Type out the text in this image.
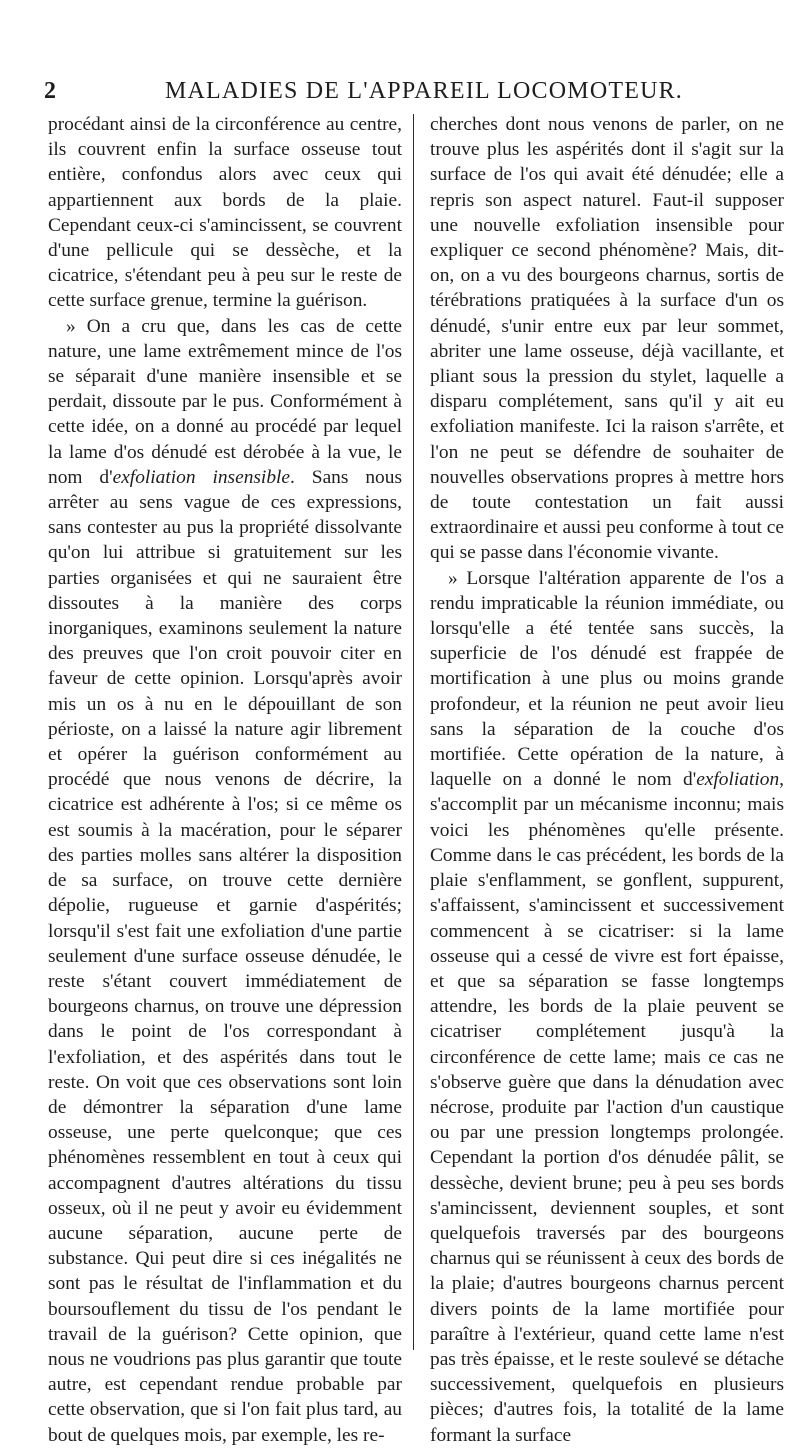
2	MALADIES DE L'APPAREIL LOCOMOTEUR.

procédant ainsi de la circonférence au centre, ils couvrent enfin la surface osseuse tout entière, confondus alors avec ceux qui appartiennent aux bords de la plaie. Cependant ceux-ci s'amincissent, se couvrent d'une pellicule qui se dessèche, et la cicatrice, s'étendant peu à peu sur le reste de cette surface grenue, termine la guérison.

» On a cru que, dans les cas de cette nature, une lame extrêmement mince de l'os se séparait d'une manière insensible et se perdait, dissoute par le pus. Conformément à cette idée, on a donné au procédé par lequel la lame d'os dénudé est dérobée à la vue, le nom d'exfoliation insensible. Sans nous arrêter au sens vague de ces expressions, sans contester au pus la propriété dissolvante qu'on lui attribue si gratuitement sur les parties organisées et qui ne sauraient être dissoutes à la manière des corps inorganiques, examinons seulement la nature des preuves que l'on croit pouvoir citer en faveur de cette opinion. Lorsqu'après avoir mis un os à nu en le dépouillant de son périoste, on a laissé la nature agir librement et opérer la guérison conformément au procédé que nous venons de décrire, la cicatrice est adhérente à l'os; si ce même os est soumis à la macération, pour le séparer des parties molles sans altérer la disposition de sa surface, on trouve cette dernière dépolie, rugueuse et garnie d'aspérités; lorsqu'il s'est fait une exfoliation d'une partie seulement d'une surface osseuse dénudée, le reste s'étant couvert immédiatement de bourgeons charnus, on trouve une dépression dans le point de l'os correspondant à l'exfoliation, et des aspérités dans tout le reste. On voit que ces observations sont loin de démontrer la séparation d'une lame osseuse, une perte quelconque; que ces phénomènes ressemblent en tout à ceux qui accompagnent d'autres altérations du tissu osseux, où il ne peut y avoir eu évidemment aucune séparation, aucune perte de substance. Qui peut dire si ces inégalités ne sont pas le résultat de l'inflammation et du boursouflement du tissu de l'os pendant le travail de la guérison? Cette opinion, que nous ne voudrions pas plus garantir que toute autre, est cependant rendue probable par cette observation, que si l'on fait plus tard, au bout de quelques mois, par exemple, les re-

cherches dont nous venons de parler, on ne trouve plus les aspérités dont il s'agit sur la surface de l'os qui avait été dénudée; elle a repris son aspect naturel. Faut-il supposer une nouvelle exfoliation insensible pour expliquer ce second phénomène? Mais, dit-on, on a vu des bourgeons charnus, sortis de térébrations pratiquées à la surface d'un os dénudé, s'unir entre eux par leur sommet, abriter une lame osseuse, déjà vacillante, et pliant sous la pression du stylet, laquelle a disparu complétement, sans qu'il y ait eu exfoliation manifeste. Ici la raison s'arrête, et l'on ne peut se défendre de souhaiter de nouvelles observations propres à mettre hors de toute contestation un fait aussi extraordinaire et aussi peu conforme à tout ce qui se passe dans l'économie vivante.

» Lorsque l'altération apparente de l'os a rendu impraticable la réunion immédiate, ou lorsqu'elle a été tentée sans succès, la superficie de l'os dénudé est frappée de mortification à une plus ou moins grande profondeur, et la réunion ne peut avoir lieu sans la séparation de la couche d'os mortifiée. Cette opération de la nature, à laquelle on a donné le nom d'exfoliation, s'accomplit par un mécanisme inconnu; mais voici les phénomènes qu'elle présente. Comme dans le cas précédent, les bords de la plaie s'enflamment, se gonflent, suppurent, s'affaissent, s'amincissent et successivement commencent à se cicatriser: si la lame osseuse qui a cessé de vivre est fort épaisse, et que sa séparation se fasse longtemps attendre, les bords de la plaie peuvent se cicatriser complétement jusqu'à la circonférence de cette lame; mais ce cas ne s'observe guère que dans la dénudation avec nécrose, produite par l'action d'un caustique ou par une pression longtemps prolongée. Cependant la portion d'os dénudée pâlit, se dessèche, devient brune; peu à peu ses bords s'amincissent, deviennent souples, et sont quelquefois traversés par des bourgeons charnus qui se réunissent à ceux des bords de la plaie; d'autres bourgeons charnus percent divers points de la lame mortifiée pour paraître à l'extérieur, quand cette lame n'est pas très épaisse, et le reste soulevé se détache successivement, quelquefois en plusieurs pièces; d'autres fois, la totalité de la lame formant la surface
